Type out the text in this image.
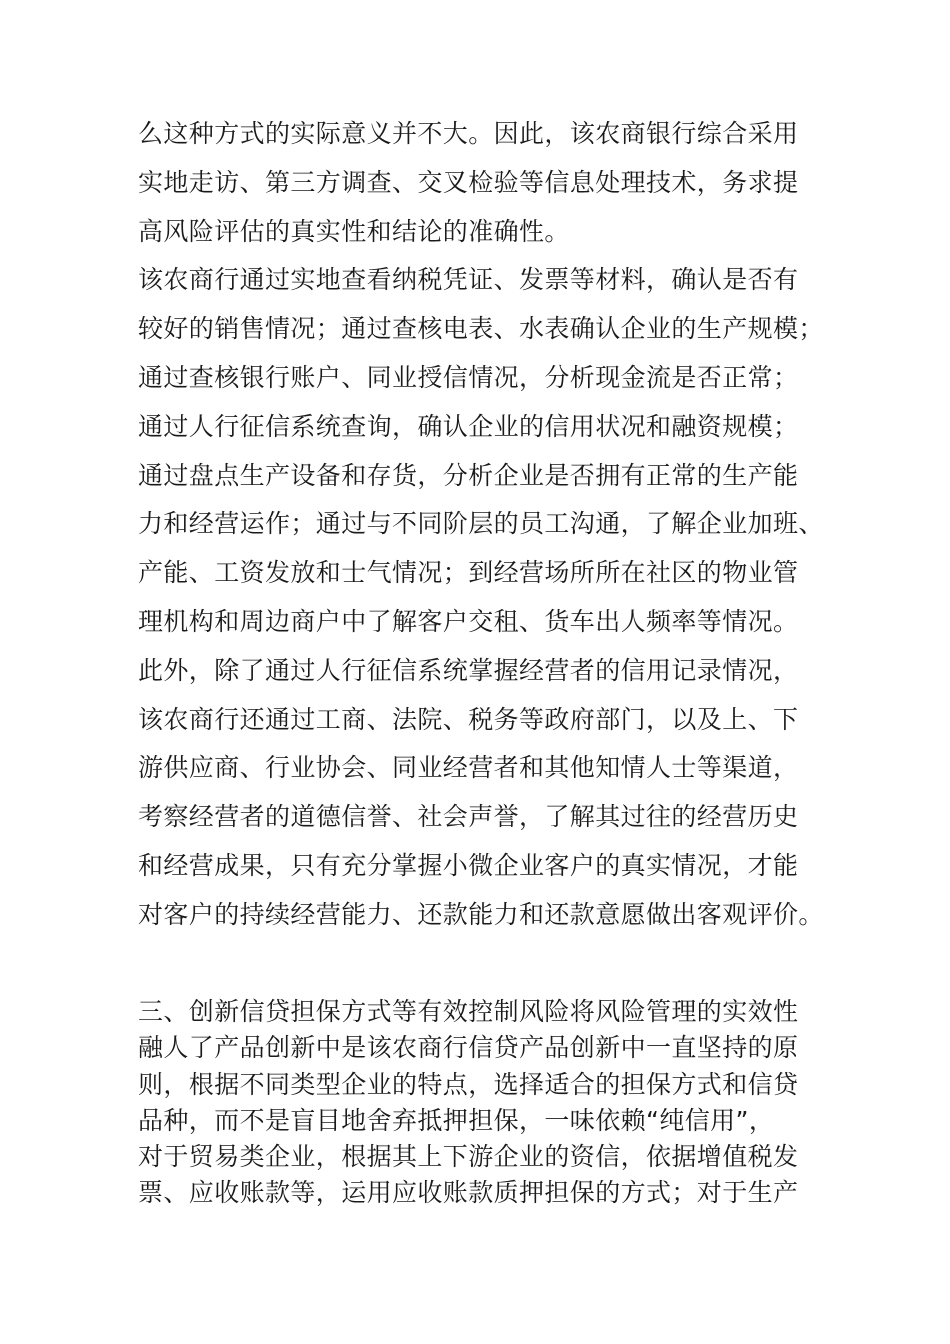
么这种方式的实际意义并不大。因此，该农商银行综合采用
实地走访、第三方调查、交叉检验等信息处理技术，务求提
高风险评估的真实性和结论的准确性。
该农商行通过实地查看纳税凭证、发票等材料，确认是否有
较好的销售情况；通过查核电表、水表确认企业的生产规模；
通过查核银行账户、同业授信情况，分析现金流是否正常；
通过人行征信系统查询，确认企业的信用状况和融资规模；
通过盘点生产设备和存货，分析企业是否拥有正常的生产能
力和经营运作；通过与不同阶层的员工沟通，了解企业加班、
产能、工资发放和士气情况；到经营场所所在社区的物业管
理机构和周边商户中了解客户交租、货车出人频率等情况。
此外，除了通过人行征信系统掌握经营者的信用记录情况，
该农商行还通过工商、法院、税务等政府部门，以及上、下
游供应商、行业协会、同业经营者和其他知情人士等渠道，
考察经营者的道德信誉、社会声誉，了解其过往的经营历史
和经营成果，只有充分掌握小微企业客户的真实情况，才能
对客户的持续经营能力、还款能力和还款意愿做出客观评价。
三、创新信贷担保方式等有效控制风险将风险管理的实效性
融人了产品创新中是该农商行信贷产品创新中一直坚持的原
则，根据不同类型企业的特点，选择适合的担保方式和信贷
品种，而不是盲目地舍弃抵押担保，一味依赖“纯信用”，
对于贸易类企业，根据其上下游企业的资信，依据增值税发
票、应收账款等，运用应收账款质押担保的方式；对于生产
